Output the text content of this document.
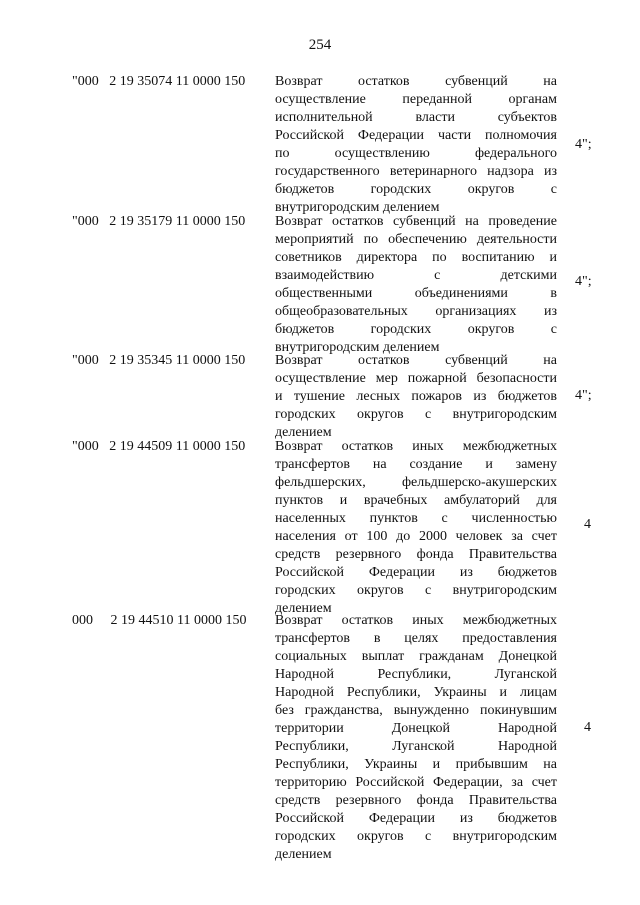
254
"000   2 19 35074 11 0000 150 Возврат остатков субвенций на
осуществление переданной органам
исполнительной власти субъектов
Российской Федерации части полномочия
по осуществлению федерального
государственного ветеринарного надзора из
бюджетов городских округов с
внутригородским делением
4";
"000   2 19 35179 11 0000 150 Возврат остатков субвенций на проведение
мероприятий по обеспечению деятельности
советников директора по воспитанию и
взаимодействию с детскими
общественными объединениями в
общеобразовательных организациях из
бюджетов городских округов с
внутригородским делением
4";
"000   2 19 35345 11 0000 150 Возврат остатков субвенций на
осуществление мер пожарной безопасности
и тушение лесных пожаров из бюджетов
городских округов с внутригородским
делением
4";
"000   2 19 44509 11 0000 150 Возврат остатков иных межбюджетных
трансфертов на создание и замену
фельдшерских, фельдшерско-акушерских
пунктов и врачебных амбулаторий для
населенных пунктов с численностью
населения от 100 до 2000 человек за счет
средств резервного фонда Правительства
Российской Федерации из бюджетов
городских округов с внутригородским
делением
4
000     2 19 44510 11 0000 150 Возврат остатков иных межбюджетных
трансфертов в целях предоставления
социальных выплат гражданам Донецкой
Народной Республики, Луганской
Народной Республики, Украины и лицам
без гражданства, вынужденно покинувшим
территории Донецкой Народной
Республики, Луганской Народной
Республики, Украины и прибывшим на
территорию Российской Федерации, за счет
средств резервного фонда Правительства
Российской Федерации из бюджетов
городских округов с внутригородским
делением
4
